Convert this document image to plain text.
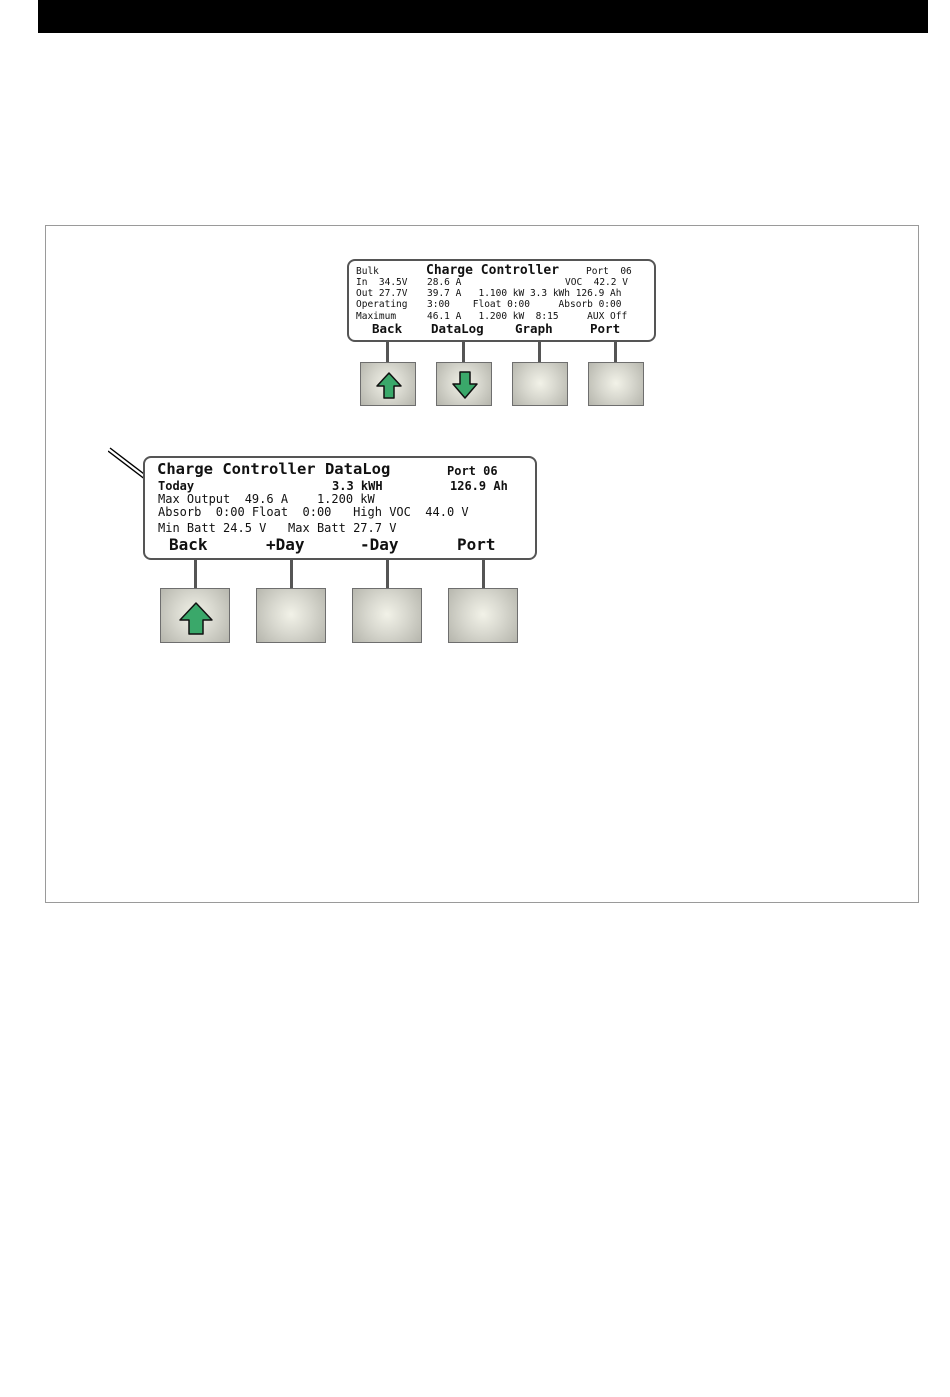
Bulk	Charge Controller	Port  06
In  34.5V 28.6 A	VOC  42.2 V
Out 27.7V 39.7 A   1.100 kW 3.3 kWh 126.9 Ah
Operating 3:00    Float 0:00     Absorb 0:00
Maximum	46.1 A   1.200 kW  8:15     AUX Off
Back DataLog	Graph	Port
Charge Controller DataLog	Port 06
Today	3.3 kWH	126.9 Ah
Max Output  49.6 A    1.200 kW
Absorb  0:00 Float  0:00   High VOC  44.0 V
Min Batt 24.5 V   Max Batt 27.7 V
Back	+Day	-Day	Port
